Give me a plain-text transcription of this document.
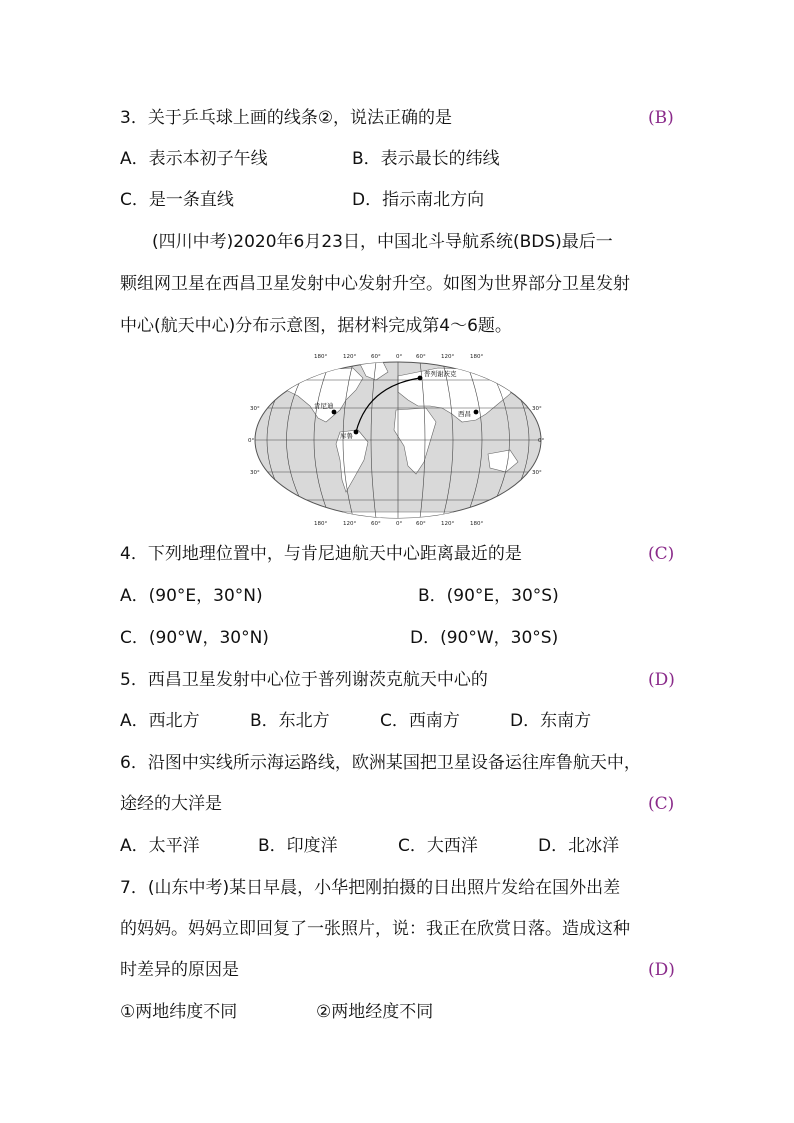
3．关于乒乓球上画的线条②，说法正确的是	(B)
A．表示本初子午线	B．表示最长的纬线
C．是一条直线	D．指示南北方向
(四川中考)2020年6月23日，中国北斗导航系统(BDS)最后一
颗组网卫星在西昌卫星发射中心发射升空。如图为世界部分卫星发射
中心(航天中心)分布示意图，据材料完成第4～6题。
普列谢茨克
肯尼迪
库鲁
西昌
180°	120°	60°	0°	60°	120°	180°
180°	120°	60°	0°	60°	120°	180°
30°
0°
30°
30°
0°
30°
4．下列地理位置中，与肯尼迪航天中心距离最近的是	(C)
A．(90°E，30°N)	B．(90°E，30°S)
C．(90°W，30°N)	D．(90°W，30°S)
5．西昌卫星发射中心位于普列谢茨克航天中心的	(D)
A．西北方	B．东北方	C．西南方	D．东南方
6．沿图中实线所示海运路线，欧洲某国把卫星设备运往库鲁航天中，
途经的大洋是	(C)
A．太平洋	B．印度洋	C．大西洋	D．北冰洋
7．(山东中考)某日早晨，小华把刚拍摄的日出照片发给在国外出差
的妈妈。妈妈立即回复了一张照片，说：我正在欣赏日落。造成这种
时差异的原因是	(D)
①两地纬度不同	②两地经度不同
